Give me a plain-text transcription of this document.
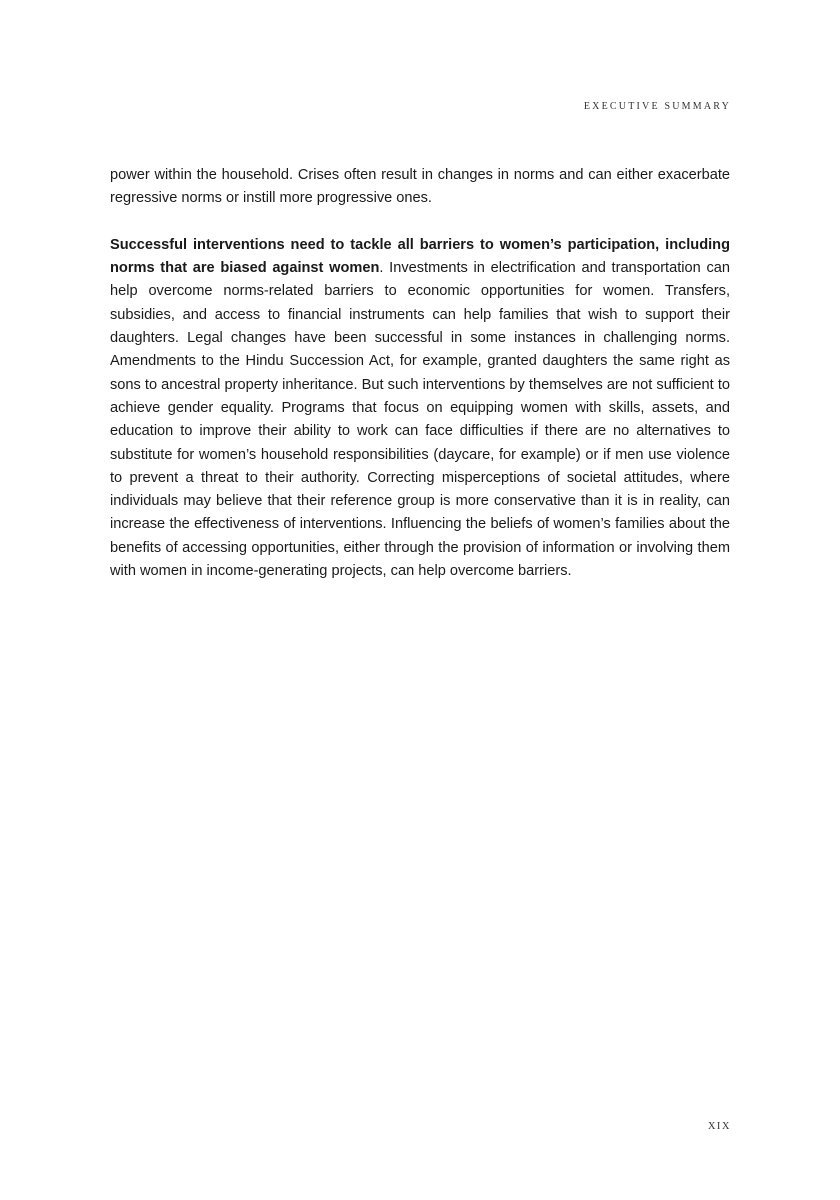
EXECUTIVE SUMMARY

power within the household. Crises often result in changes in norms and can either exacerbate regressive norms or instill more progressive ones.

Successful interventions need to tackle all barriers to women’s participation, including norms that are biased against women. Investments in electrification and transportation can help overcome norms-related barriers to economic opportunities for women. Transfers, subsidies, and access to financial instruments can help families that wish to support their daughters. Legal changes have been successful in some instances in challenging norms. Amendments to the Hindu Succession Act, for example, granted daughters the same right as sons to ancestral property inheritance. But such interventions by themselves are not sufficient to achieve gender equality. Programs that focus on equipping women with skills, assets, and education to improve their ability to work can face difficulties if there are no alternatives to substitute for women’s household responsibilities (daycare, for example) or if men use violence to prevent a threat to their authority. Correcting misperceptions of societal attitudes, where individuals may believe that their reference group is more conservative than it is in reality, can increase the effectiveness of interventions. Influencing the beliefs of women’s families about the benefits of accessing opportunities, either through the provision of information or involving them with women in income-generating projects, can help overcome barriers.

XIX
